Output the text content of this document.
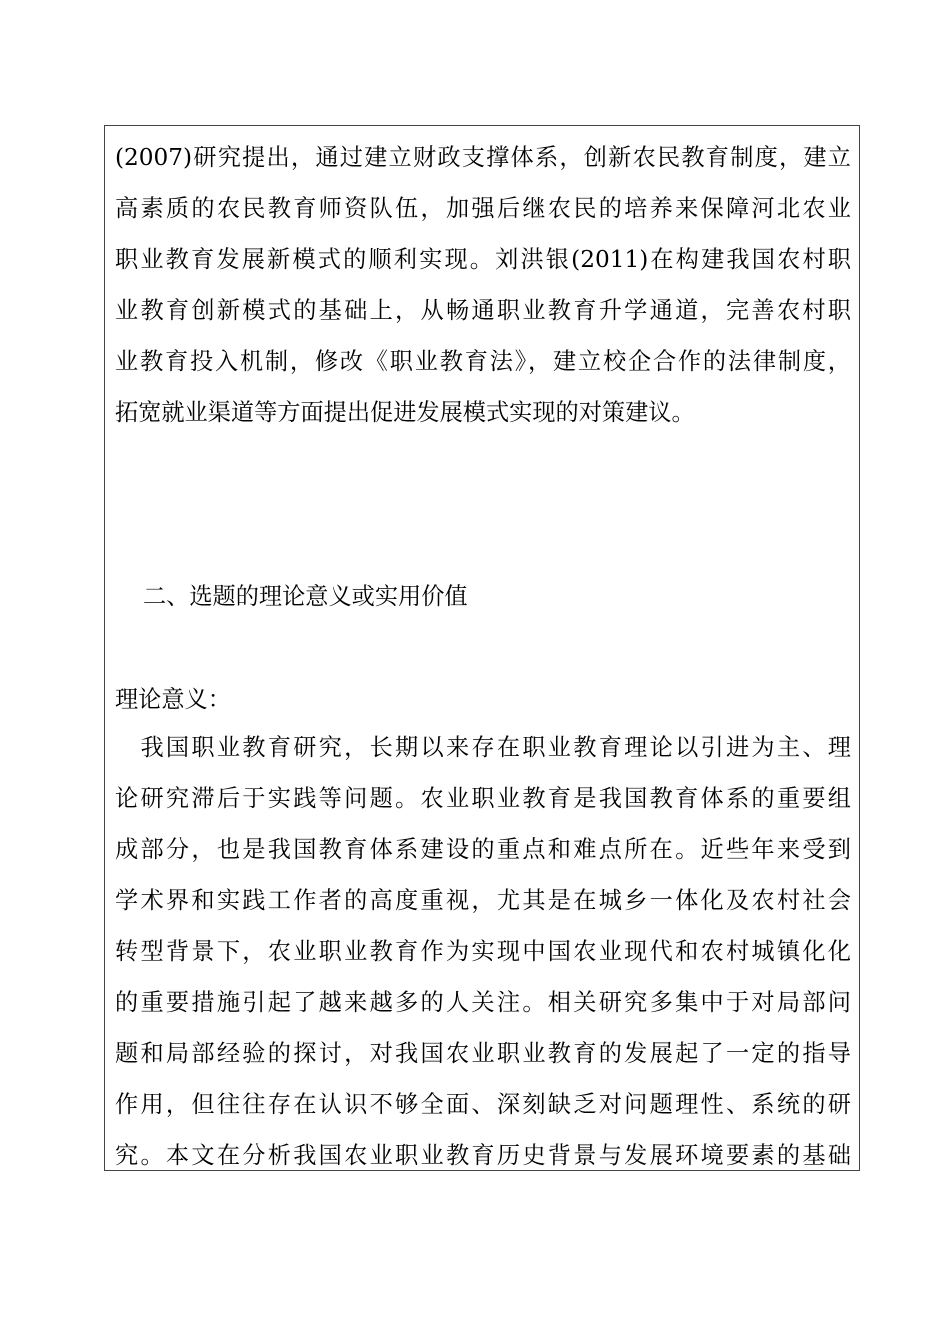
(2007)研究提出，通过建立财政支撑体系，创新农民教育制度，建立
高素质的农民教育师资队伍，加强后继农民的培养来保障河北农业
职业教育发展新模式的顺利实现。刘洪银(2011)在构建我国农村职
业教育创新模式的基础上，从畅通职业教育升学通道，完善农村职
业教育投入机制，修改《职业教育法》，建立校企合作的法律制度，
拓宽就业渠道等方面提出促进发展模式实现的对策建议。
二、选题的理论意义或实用价值
理论意义：
　我国职业教育研究，长期以来存在职业教育理论以引进为主、理
论研究滞后于实践等问题。农业职业教育是我国教育体系的重要组
成部分，也是我国教育体系建设的重点和难点所在。近些年来受到
学术界和实践工作者的高度重视，尤其是在城乡一体化及农村社会
转型背景下，农业职业教育作为实现中国农业现代和农村城镇化化
的重要措施引起了越来越多的人关注。相关研究多集中于对局部问
题和局部经验的探讨，对我国农业职业教育的发展起了一定的指导
作用，但往往存在认识不够全面、深刻缺乏对问题理性、系统的研
究。本文在分析我国农业职业教育历史背景与发展环境要素的基础
